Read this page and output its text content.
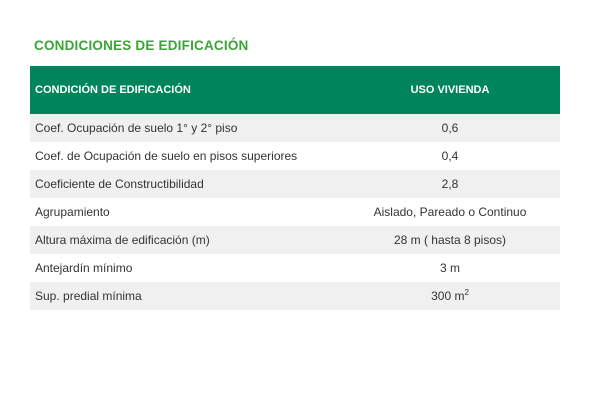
CONDICIONES DE EDIFICACIÓN
CONDICIÓN DE EDIFICACIÓN	USO VIVIENDA
Coef. Ocupación de suelo 1° y 2° piso	0,6
Coef. de Ocupación de suelo en pisos superiores	0,4
Coeficiente de Constructibilidad	2,8
Agrupamiento	Aislado, Pareado o Continuo
Altura máxima de edificación (m)	28 m ( hasta 8 pisos)
Antejardín mínimo	3 m
Sup. predial mínima	300 $m^2$
